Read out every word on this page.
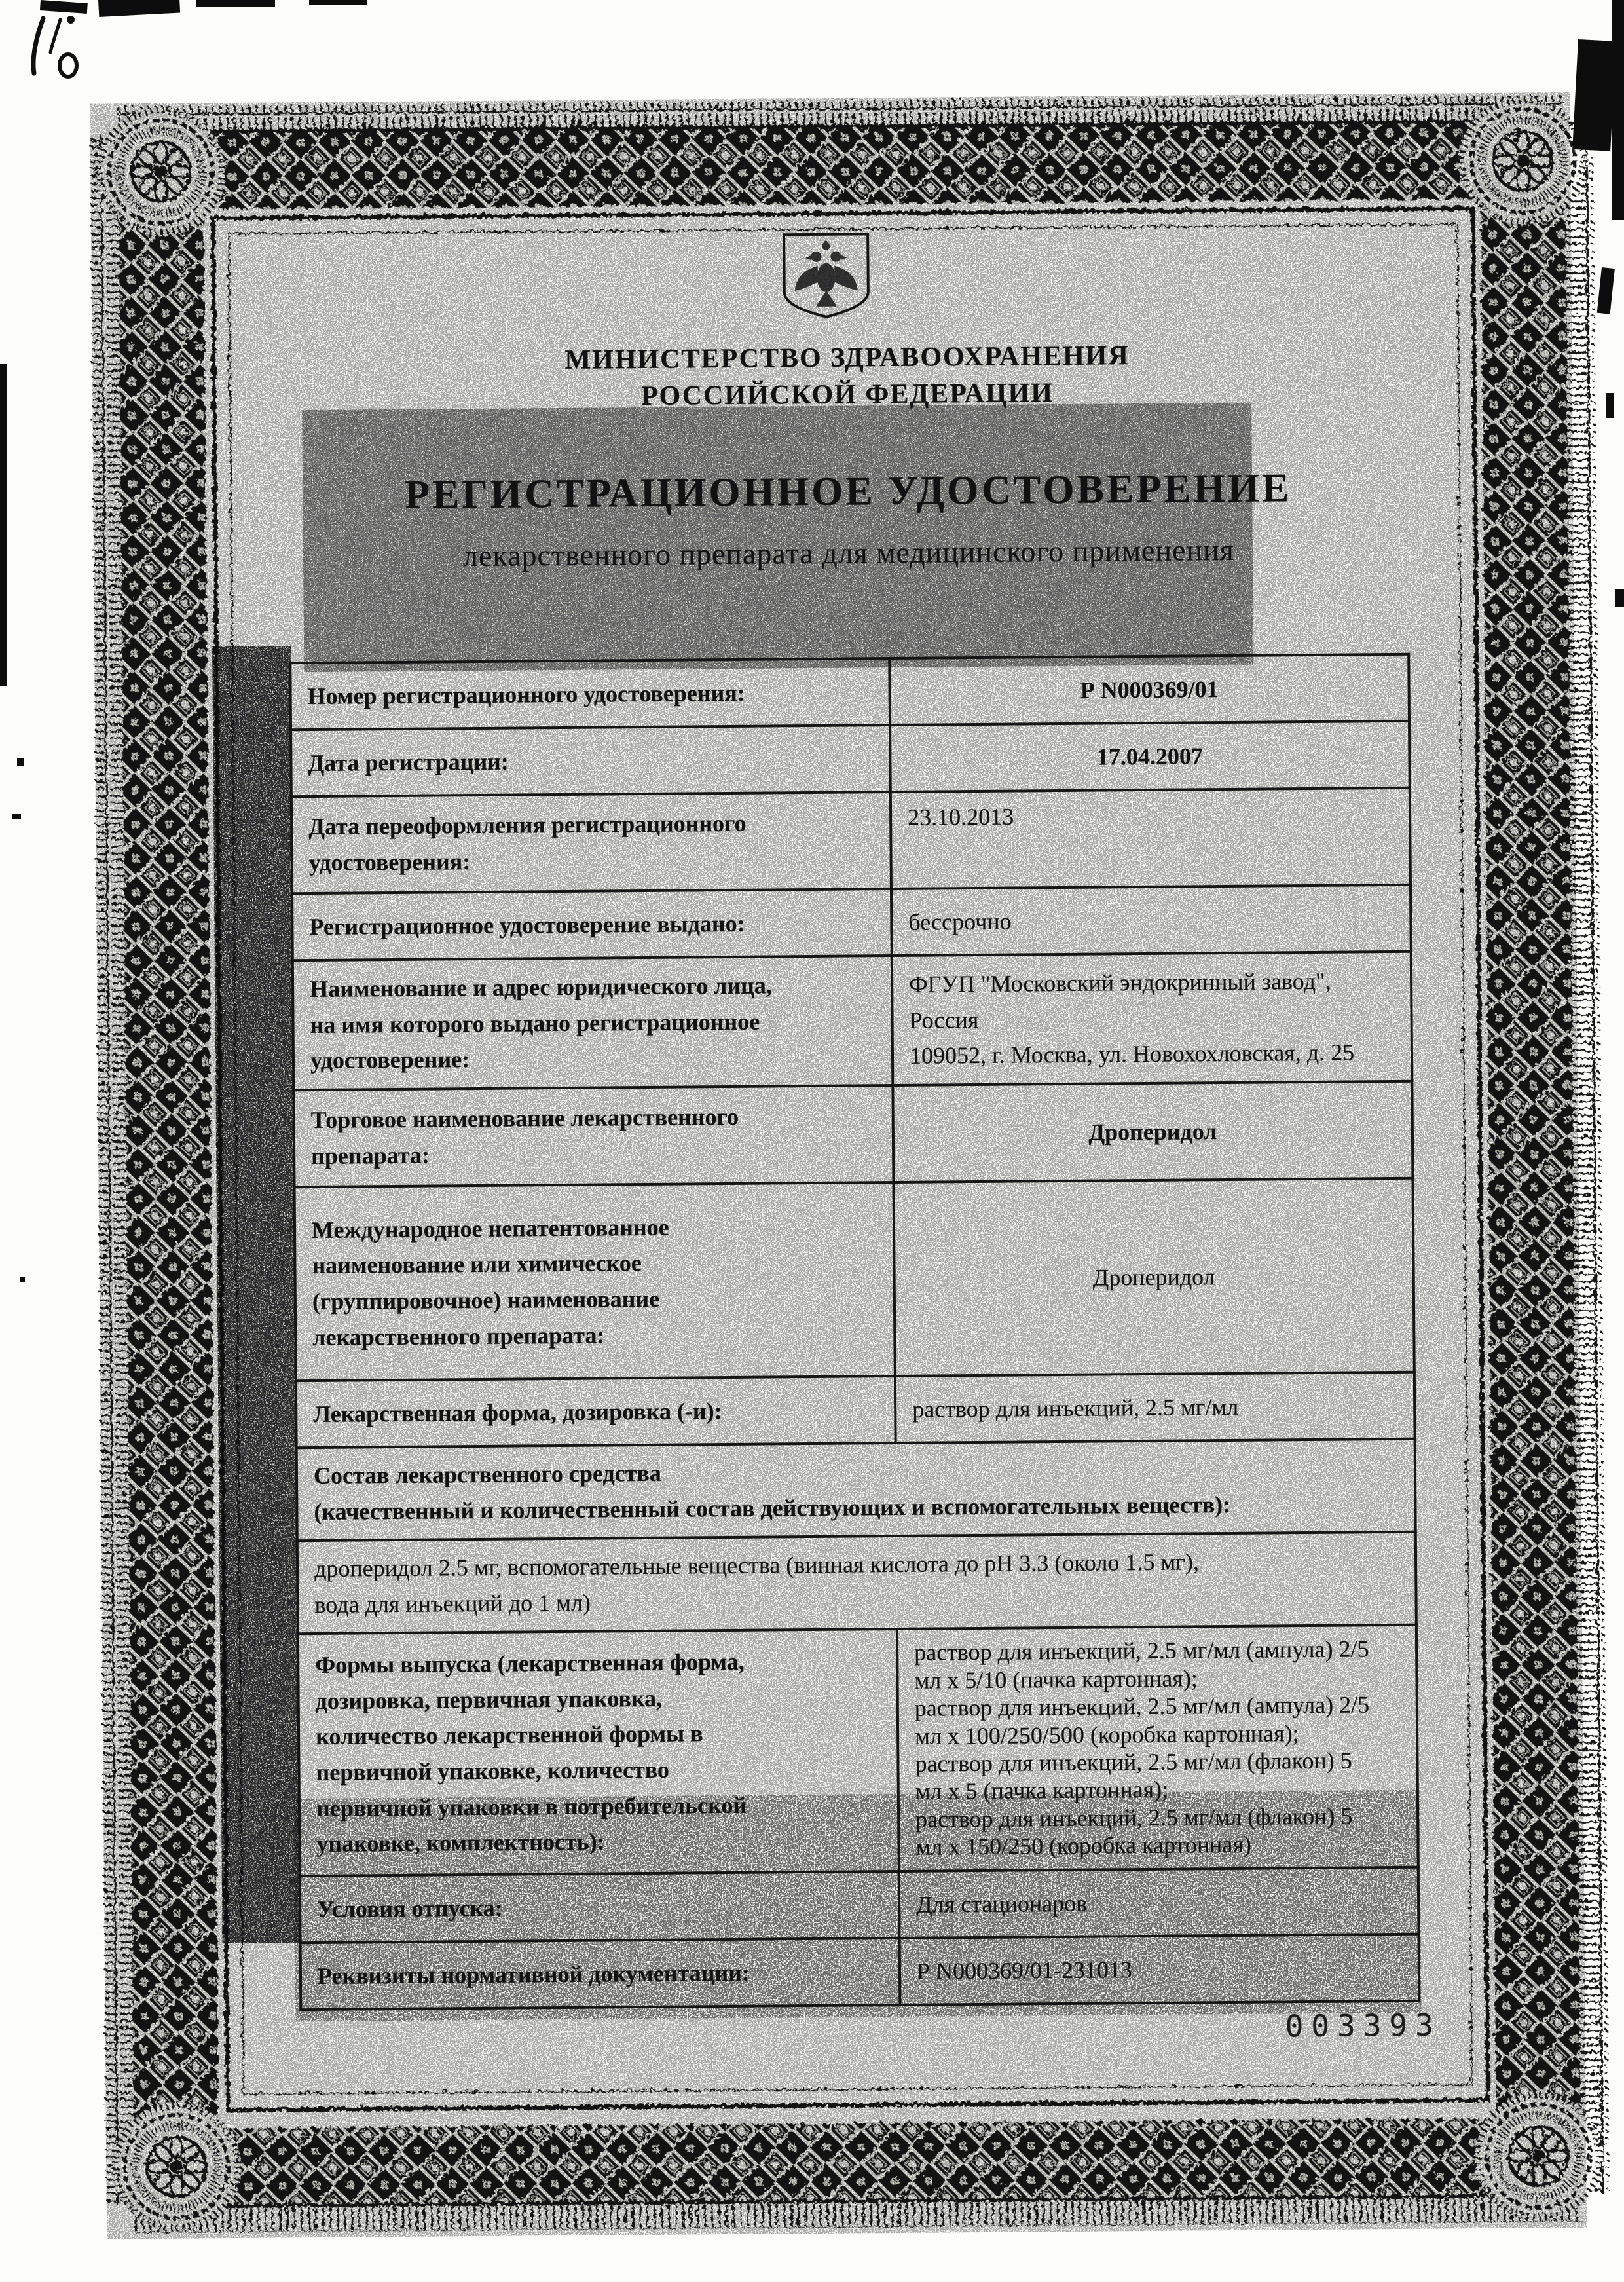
МИНИСТЕРСТВО ЗДРАВООХРАНЕНИЯ
РОССИЙСКОЙ ФЕДЕРАЦИИ
РЕГИСТРАЦИОННОЕ УДОСТОВЕРЕНИЕ
лекарственного препарата для медицинского применения
Номер регистрационного удостоверения:	Р N000369/01
Дата регистрации:	17.04.2007
Дата переоформления регистрационного
удостоверения:	23.10.2013
Регистрационное удостоверение выдано:	бессрочно
Наименование и адрес юридического лица,
на имя которого выдано регистрационное
удостоверение:	
ФГУП "Московский эндокринный завод",
Россия
109052, г. Москва, ул. Новохохловская, д. 25

Торговое наименование лекарственного
препарата:	Дроперидол
Международное непатентованное
наименование или химическое
(группировочное) наименование
лекарственного препарата:	Дроперидол
Лекарственная форма, дозировка (-и):	раствор для инъекций, 2.5 мг/мл
Состав лекарственного средства
(качественный и количественный состав действующих и вспомогательных веществ):	
дроперидол 2.5 мг, вспомогательные вещества (винная кислота до pH 3.3 (около 1.5 мг),
вода для инъекций до 1 мл)	
Формы выпуска (лекарственная форма,
дозировка, первичная упаковка,
количество лекарственной формы в
первичной упаковке, количество
первичной упаковки в потребительской
упаковке, комплектность):	
раствор для инъекций, 2.5 мг/мл (ампула) 2/5
мл х 5/10 (пачка картонная);
раствор для инъекций, 2.5 мг/мл (ампула) 2/5
мл х 100/250/500 (коробка картонная);
раствор для инъекций, 2.5 мг/мл (флакон) 5
мл х 5 (пачка картонная);
раствор для инъекций, 2.5 мг/мл (флакон) 5
мл х 150/250 (коробка картонная)

Условия отпуска:	Для стационаров
Реквизиты нормативной документации:	Р N000369/01-231013
003393
